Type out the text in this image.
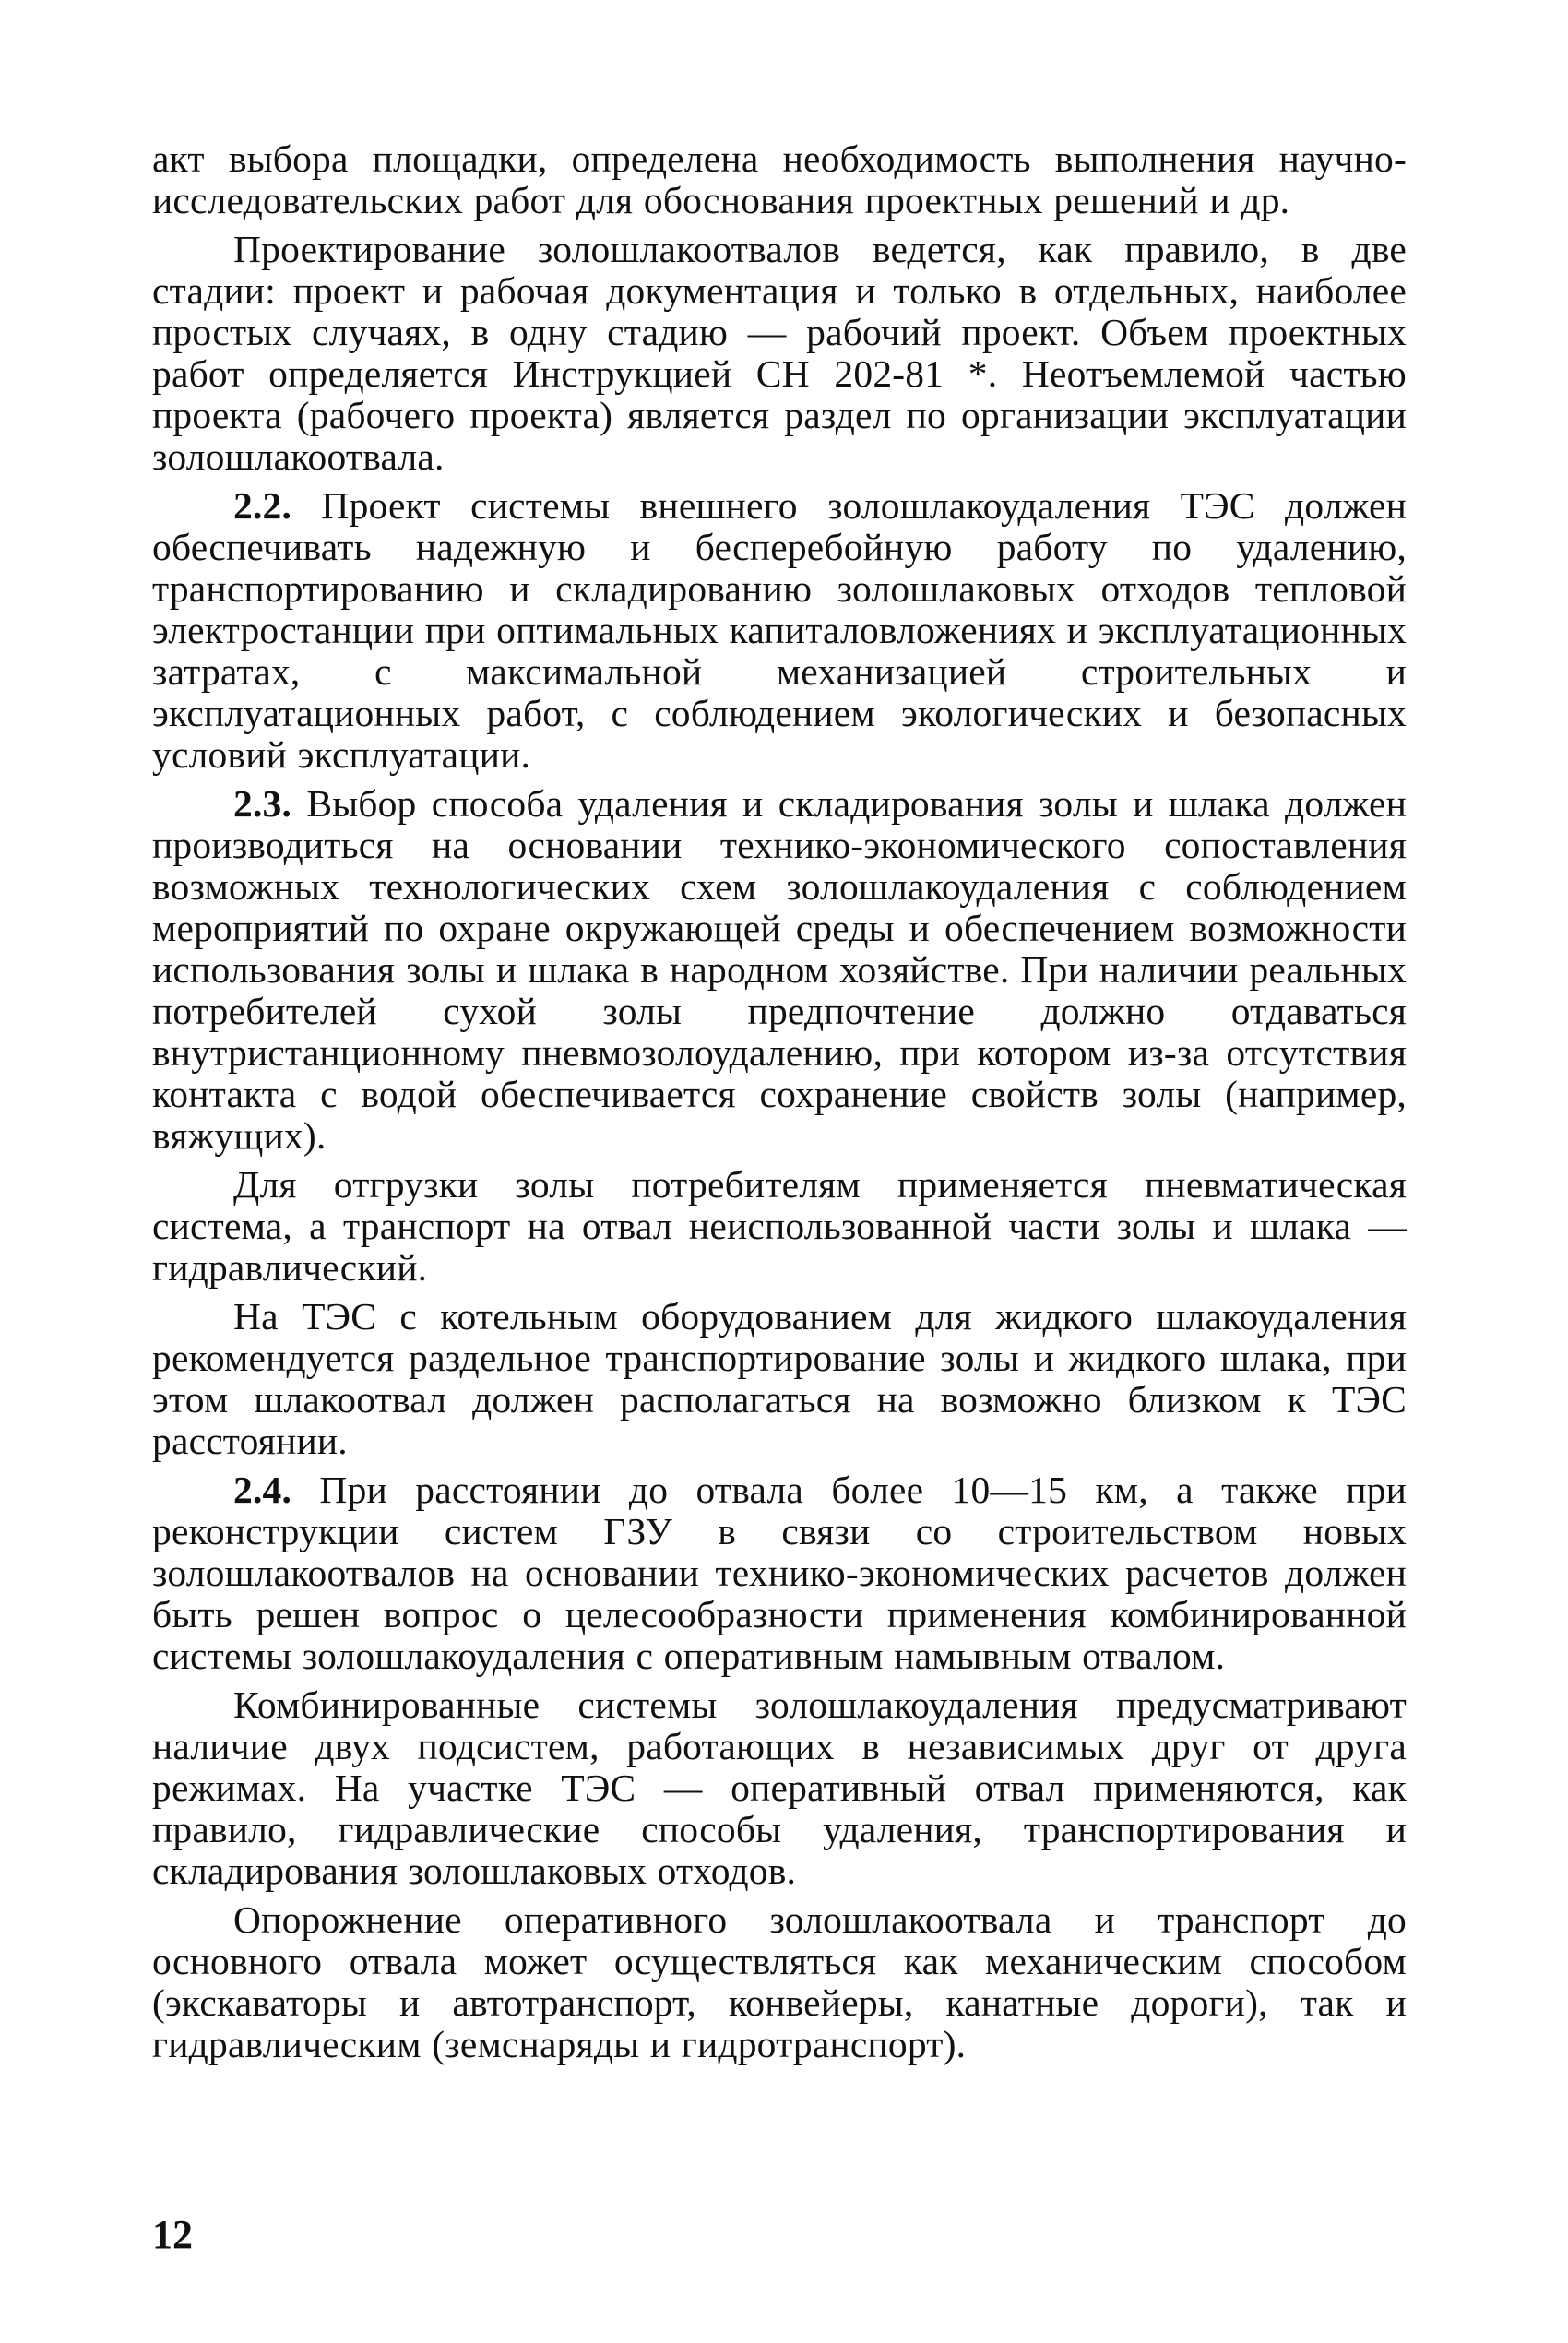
акт выбора площадки, определена необходимость выполнения научно-исследовательских работ для обоснования проектных решений и др.

Проектирование золошлакоотвалов ведется, как правило, в две стадии: проект и рабочая документация и только в отдельных, наиболее простых случаях, в одну стадию — рабочий проект. Объем проектных работ определяется Инструкцией СН 202-81 *. Неотъемлемой частью проекта (рабочего проекта) является раздел по организации эксплуатации золошлакоотвала.

2.2. Проект системы внешнего золошлакоудаления ТЭС должен обеспечивать надежную и бесперебойную работу по удалению, транспортированию и складированию золошлаковых отходов тепловой электростанции при оптимальных капиталовложениях и эксплуатационных затратах, с максимальной механизацией строительных и эксплуатационных работ, с соблюдением экологических и безопасных условий эксплуатации.

2.3. Выбор способа удаления и складирования золы и шлака должен производиться на основании технико-экономического сопоставления возможных технологических схем золошлакоудаления с соблюдением мероприятий по охране окружающей среды и обеспечением возможности использования золы и шлака в народном хозяйстве. При наличии реальных потребителей сухой золы предпочтение должно отдаваться внутристанционному пневмозолоудалению, при котором из-за отсутствия контакта с водой обеспечивается сохранение свойств золы (например, вяжущих).

Для отгрузки золы потребителям применяется пневматическая система, а транспорт на отвал неиспользованной части золы и шлака — гидравлический.

На ТЭС с котельным оборудованием для жидкого шлакоудаления рекомендуется раздельное транспортирование золы и жидкого шлака, при этом шлакоотвал должен располагаться на возможно близком к ТЭС расстоянии.

2.4. При расстоянии до отвала более 10—15 км, а также при реконструкции систем ГЗУ в связи со строительством новых золошлакоотвалов на основании технико-экономических расчетов должен быть решен вопрос о целесообразности применения комбинированной системы золошлакоудаления с оперативным намывным отвалом.

Комбинированные системы золошлакоудаления предусматривают наличие двух подсистем, работающих в независимых друг от друга режимах. На участке ТЭС — оперативный отвал применяются, как правило, гидравлические способы удаления, транспортирования и складирования золошлаковых отходов.

Опорожнение оперативного золошлакоотвала и транспорт до основного отвала может осуществляться как механическим способом (экскаваторы и автотранспорт, конвейеры, канатные дороги), так и гидравлическим (земснаряды и гидротранспорт).

12
